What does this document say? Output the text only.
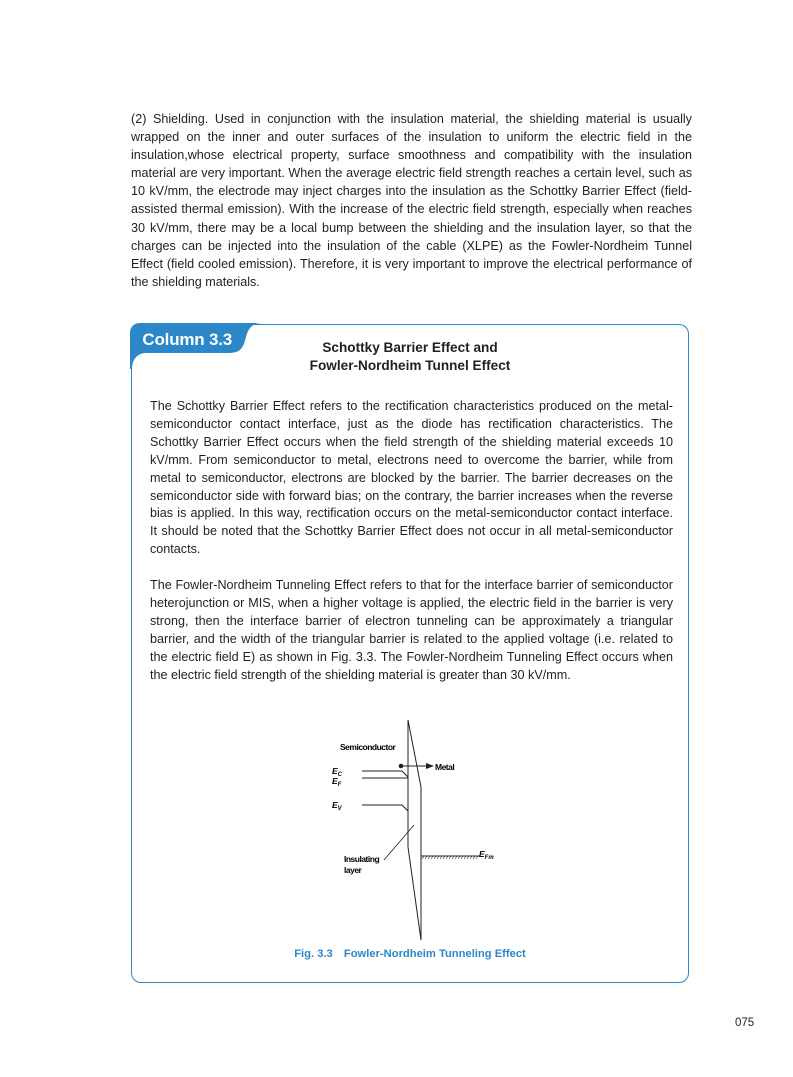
(2) Shielding. Used in conjunction with the insulation material, the shielding material is usually wrapped on the inner and outer surfaces of the insulation to uniform the electric field in the insulation,whose electrical property, surface smoothness and compatibility with the insulation material are very important. When the average electric field strength reaches a certain level, such as 10 kV/mm, the electrode may inject charges into the insulation as the Schottky Barrier Effect (field-assisted thermal emission). With the increase of the electric field strength, especially when reaches 30 kV/mm, there may be a local bump between the shielding and the insulation layer, so that the charges can be injected into the insulation of the cable (XLPE) as the Fowler-Nordheim Tunnel Effect (field cooled emission). Therefore, it is very important to improve the electrical performance of the shielding materials.

Column 3.3	Schottky Barrier Effect and
Fowler-Nordheim Tunnel Effect

The Schottky Barrier Effect refers to the rectification characteristics produced on the metal-semiconductor contact interface, just as the diode has rectification characteristics. The Schottky Barrier Effect occurs when the field strength of the shielding material exceeds 10 kV/mm. From semiconductor to metal, electrons need to overcome the barrier, while from metal to semiconductor, electrons are blocked by the barrier. The barrier decreases on the semiconductor side with forward bias; on the contrary, the barrier increases when the reverse bias is applied. In this way, rectification occurs on the metal-semiconductor contact interface. It should be noted that the Schottky Barrier Effect does not occur in all metal-semiconductor contacts.

The Fowler-Nordheim Tunneling Effect refers to that for the interface barrier of semiconductor heterojunction or MIS, when a higher voltage is applied, the electric field in the barrier is very strong, then the interface barrier of electron tunneling can be approximately a triangular barrier, and the width of the triangular barrier is related to the applied voltage (i.e. related to the electric field E) as shown in Fig. 3.3. The Fowler-Nordheim Tunneling Effect occurs when the electric field strength of the shielding material is greater than 30 kV/mm.

Semiconductor
Metal
$E_C$
$E_F$
$E_V$
$E_{Fm}$
Insulating
layer
Fig. 3.3 Fowler-Nordheim Tunneling Effect
075
